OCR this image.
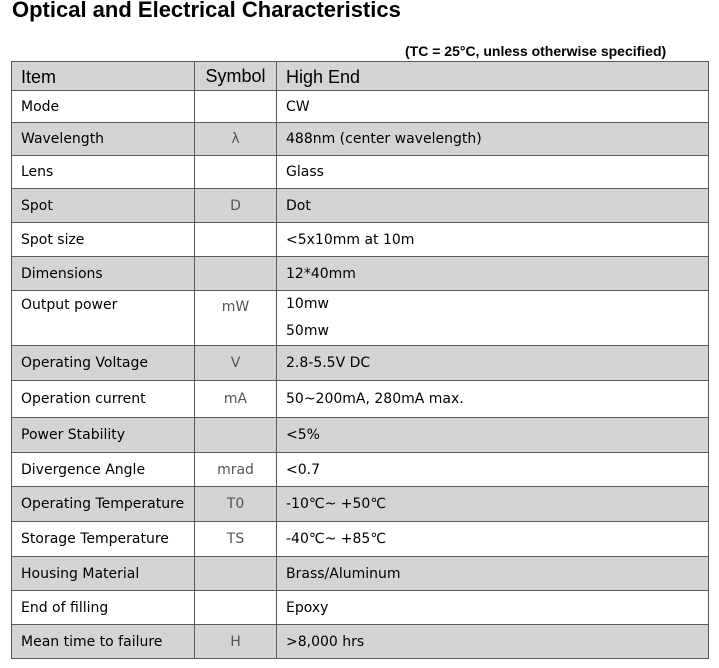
Optical and Electrical Characteristics
(TC = 25°C, unless otherwise specified)
Item	Symbol	High End
Mode		CW
Wavelength	λ	488nm (center wavelength)
Lens		Glass
Spot	D	Dot
Spot size		<5x10mm at 10m
Dimensions		12*40mm
Output power	mW	10mw
50mw

Operating Voltage	V	2.8-5.5V DC
Operation current	mA	50~200mA, 280mA max.
Power Stability		<5%
Divergence Angle	mrad	<0.7
Operating Temperature	T0	-10℃~ +50℃
Storage Temperature	TS	-40℃~ +85℃
Housing Material		Brass/Aluminum
End of filling		Epoxy
Mean time to failure	H	>8,000 hrs
